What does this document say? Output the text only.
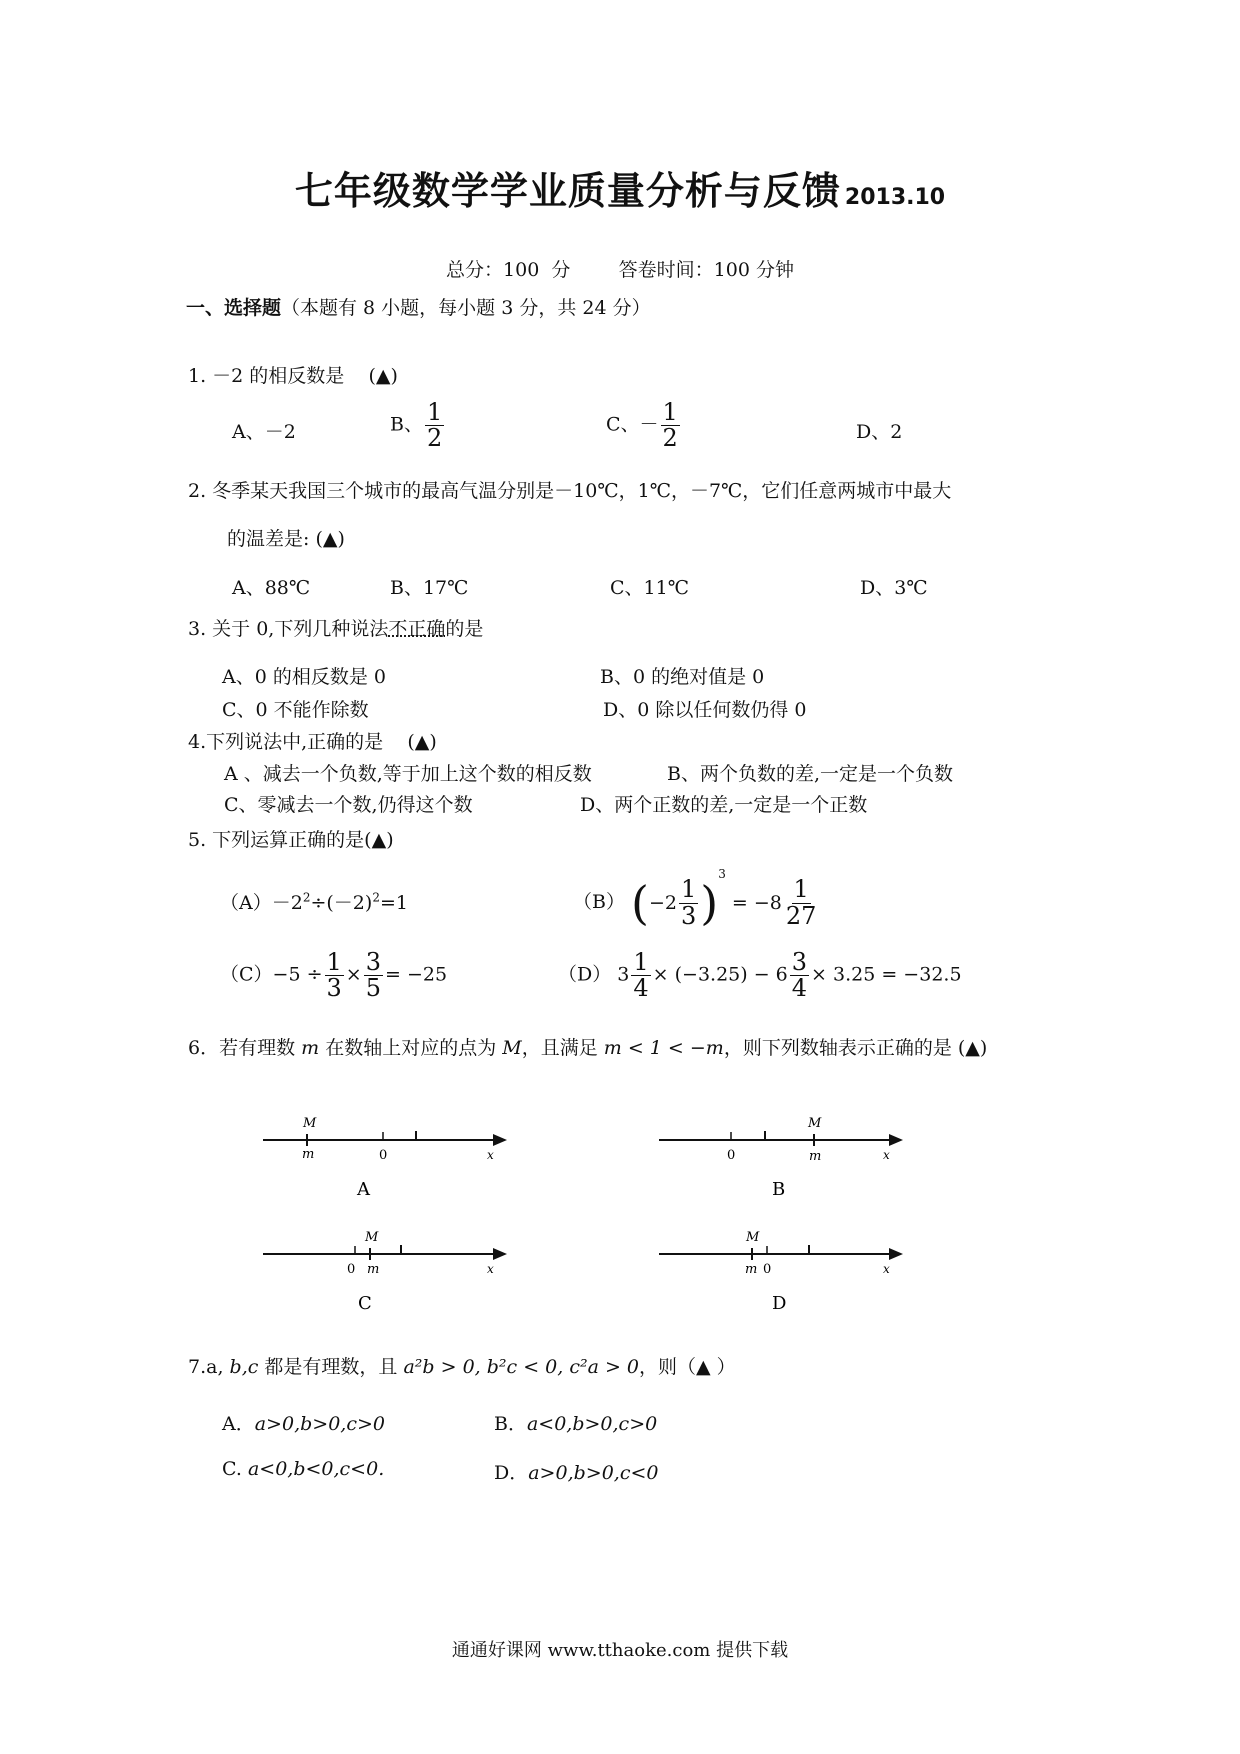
七年级数学学业质量分析与反馈 2013.10
总分：100  分        答卷时间：100 分钟
一、选择题（本题有 8 小题，每小题 3 分，共 24 分）
1. －2 的相反数是    (▲)
A、－2	B、 $\frac{1}{2}$	C、－ $\frac{1}{2}$	D、2
2. 冬季某天我国三个城市的最高气温分别是－10℃，1℃，－7℃，它们任意两城市中最大
的温差是: (▲)
A、88℃	B、17℃	C、11℃	D、3℃
3. 关于 0,下列几种说法不正确的是
A、0 的相反数是 0	B、0 的绝对值是 0
C、0 不能作除数	D、0 除以任何数仍得 0
4.下列说法中,正确的是    (▲)
A 、减去一个负数,等于加上这个数的相反数	B、两个负数的差,一定是一个负数
C、零减去一个数,仍得这个数	D、两个正数的差,一定是一个正数
5. 下列运算正确的是(▲)
$(A)-2^2\div(-2)^2=1$	（B） $(-2 \frac{1}{3} )^3 = -8 \frac{1}{27}$
$(C)-5 \div \frac{1}{3} \times \frac{3}{5} = -25$	（D） $3 \frac{1}{4} \times (-3.25) - 6 \frac{3}{4} \times 3.25 = -32.5$
6．若有理数 m 在数轴上对应的点为 M，且满足 m < 1 < −m，则下列数轴表示正确的是 (▲)
M
m	0	x
A
M
m
0	x
B
M
m
0	x
C
M
m 0	x
D
7.a, b,c 都是有理数，且 a²b > 0, b²c < 0, c²a > 0，则（▲ ）
A．a>0,b>0,c>0	B．a<0,b>0,c>0
C. a<0,b<0,c<0.	D．a>0,b>0,c<0
通通好课网 www.tthaoke.com 提供下载
